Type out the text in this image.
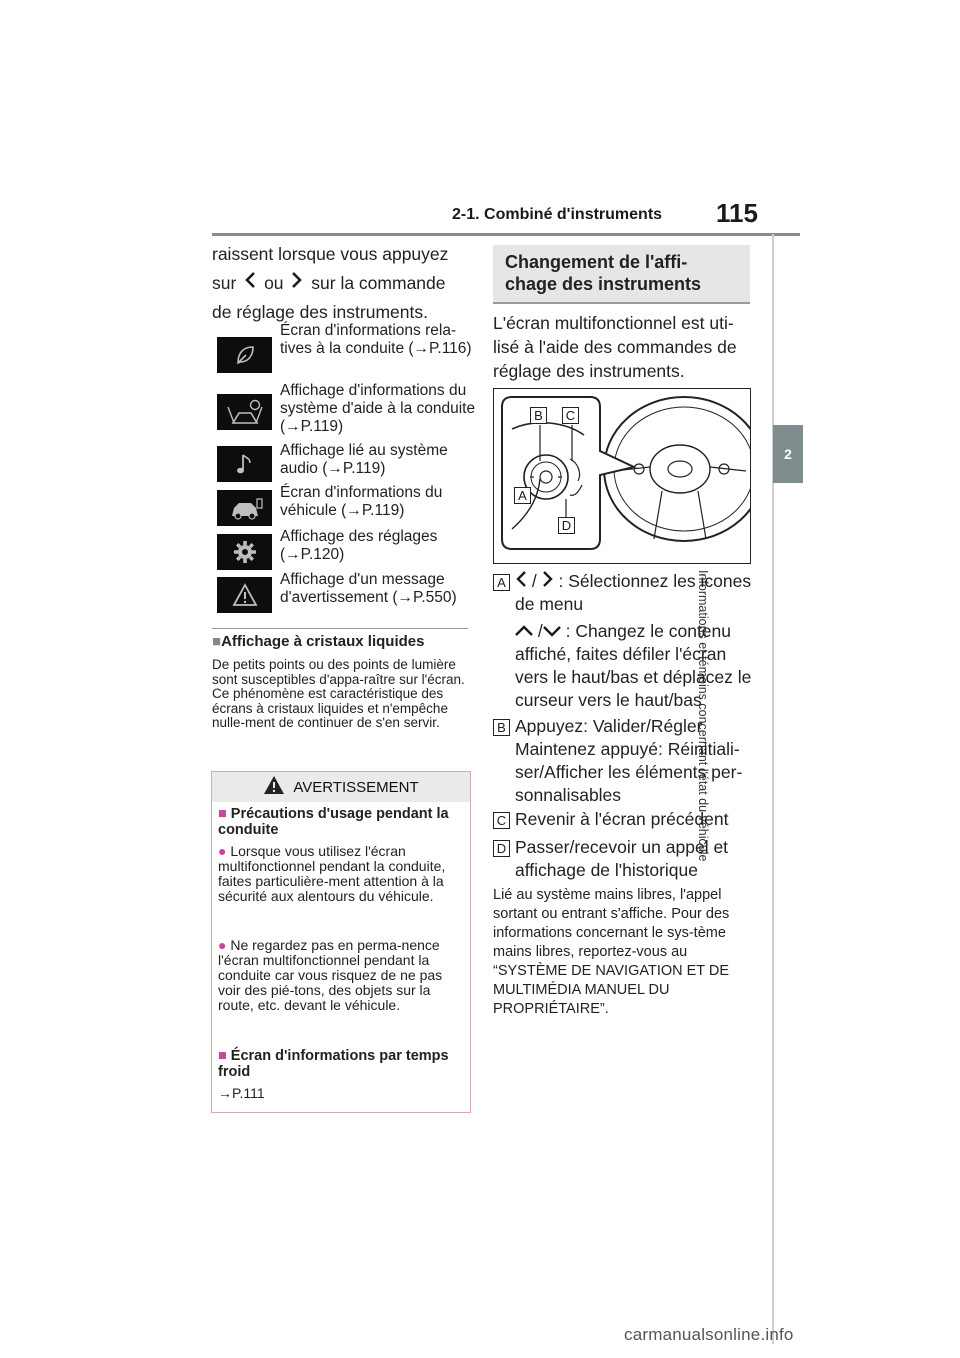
2-1. Combiné d'instruments 115
2
Informations et témoins concernant l'état du véhicule
raissent lorsque vous appuyez
sur ou sur la commande
de réglage des instruments.
Écran d'informations rela-tives à la conduite (→P.116)
Affichage d'informations du système d'aide à la conduite (→P.119)
Affichage lié au système audio (→P.119)
Écran d'informations du véhicule (→P.119)
Affichage des réglages (→P.120)
Affichage d'un message d'avertissement (→P.550)
■Affichage à cristaux liquides
De petits points ou des points de lumière sont susceptibles d'appa-raître sur l'écran. Ce phénomène est caractéristique des écrans à cristaux liquides et n'empêche nulle-ment de continuer de s'en servir.
AVERTISSEMENT
■ Précautions d'usage pendant la conduite
● Lorsque vous utilisez l'écran multifonctionnel pendant la conduite, faites particulière-ment attention à la sécurité aux alentours du véhicule.
● Ne regardez pas en perma-nence l'écran multifonctionnel pendant la conduite car vous risquez de ne pas voir des pié-tons, des objets sur la route, etc. devant le véhicule.
■ Écran d'informations par temps froid
→P.111
Changement de l'affi-
chage des instruments
L'écran multifonctionnel est uti-lisé à l'aide des commandes de réglage des instruments.
B	C
A
D
A	/  : Sélectionnez les icones de menu
/ : Changez le contenu affiché, faites défiler l'écran vers le haut/bas et déplacez le curseur vers le haut/bas
B Appuyez: Valider/Régler Maintenez appuyé: Réinitiali-ser/Afficher les éléments per-sonnalisables
C Revenir à l'écran précédent
D Passer/recevoir un appel et affichage de l'historique
Lié au système mains libres, l'appel sortant ou entrant s'affiche. Pour des informations concernant le sys-tème mains libres, reportez-vous au “SYSTÈME DE NAVIGATION ET DE MULTIMÉDIA MANUEL DU PROPRIÉTAIRE”.
carmanualsonline.info
